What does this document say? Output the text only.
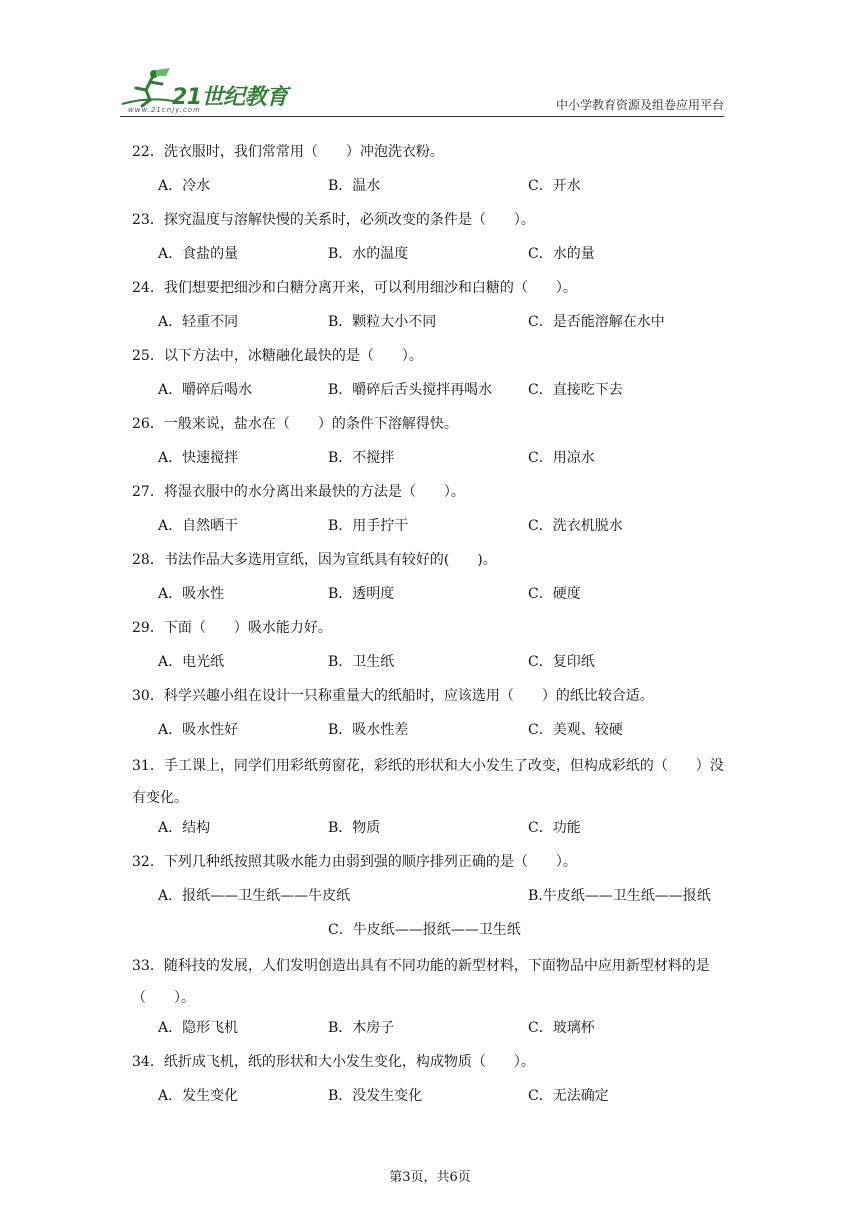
21世纪教育
www.21cnjy.com	中小学教育资源及组卷应用平台
22．洗衣服时，我们常常用（　　）冲泡洗衣粉。
A．冷水	B．温水	C．开水
23．探究温度与溶解快慢的关系时，必须改变的条件是（　　）。
A．食盐的量	B．水的温度	C．水的量
24．我们想要把细沙和白糖分离开来，可以利用细沙和白糖的（　　）。
A．轻重不同	B．颗粒大小不同	C．是否能溶解在水中
25．以下方法中，冰糖融化最快的是（　　）。
A．嚼碎后喝水	B．嚼碎后舌头搅拌再喝水	C．直接吃下去
26．一般来说，盐水在（　　）的条件下溶解得快。
A．快速搅拌	B．不搅拌	C．用凉水
27．将湿衣服中的水分离出来最快的方法是（　　）。
A．自然晒干	B．用手拧干	C．洗衣机脱水
28．书法作品大多选用宣纸，因为宣纸具有较好的(　　)。
A．吸水性	B．透明度	C．硬度
29．下面（　　）吸水能力好。
A．电光纸	B．卫生纸	C．复印纸
30．科学兴趣小组在设计一只称重量大的纸船时，应该选用（　　）的纸比较合适。
A．吸水性好	B．吸水性差	C．美观、较硬
31．手工课上，同学们用彩纸剪窗花，彩纸的形状和大小发生了改变，但构成彩纸的（　　）没有变化。
A．结构	B．物质	C．功能
32．下列几种纸按照其吸水能力由弱到强的顺序排列正确的是（　　）。
A．报纸——卫生纸——牛皮纸	B.牛皮纸——卫生纸——报纸
C．牛皮纸——报纸——卫生纸
33．随科技的发展，人们发明创造出具有不同功能的新型材料，下面物品中应用新型材料的是（　　）。
A．隐形飞机	B．木房子	C．玻璃杯
34．纸折成飞机，纸的形状和大小发生变化，构成物质（　　）。
A．发生变化	B．没发生变化	C．无法确定
第3页，共6页
